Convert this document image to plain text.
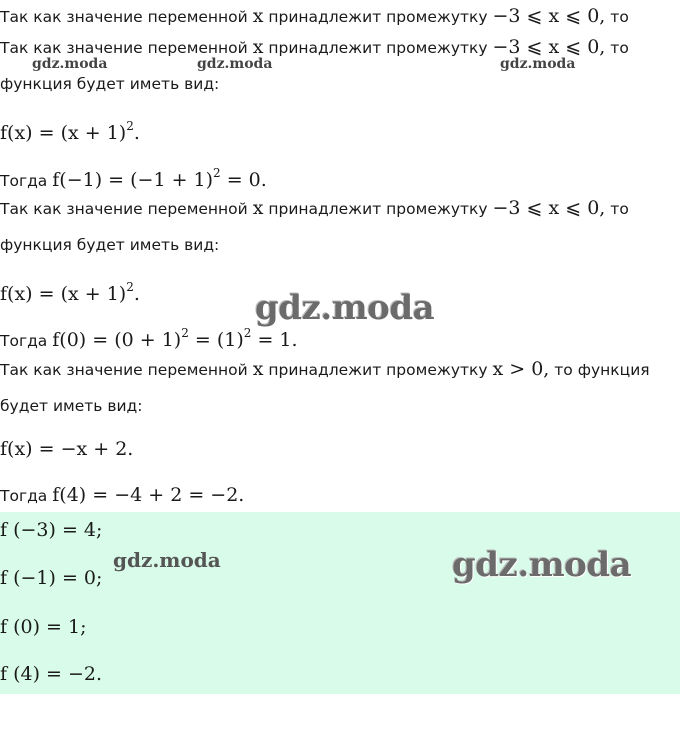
Так как значение переменной x принадлежит промежутку −3 ⩽ x ⩽ 0, то
Так как значение переменной x принадлежит промежутку −3 ⩽ x ⩽ 0, то
функция будет иметь вид:
$f(x) = (x + 1)^2$.
Тогда $f(-1) = (-1 + 1)^2 = 0$.
Так как значение переменной x принадлежит промежутку −3 ⩽ x ⩽ 0, то
функция будет иметь вид:
$f(x) = (x + 1)^2$.
Тогда $f(0) = (0 + 1)^2 = (1)^2 = 1$.
Так как значение переменной x принадлежит промежутку x > 0, то функция
будет иметь вид:
f(x) = −x + 2.
Тогда f(4) = −4 + 2 = −2.
f (−3) = 4;
f (−1) = 0;
f (0) = 1;
f (4) = −2.
gdz.moda	gdz.moda	gdz.moda
gdz.moda
gdz.moda	gdz.moda
